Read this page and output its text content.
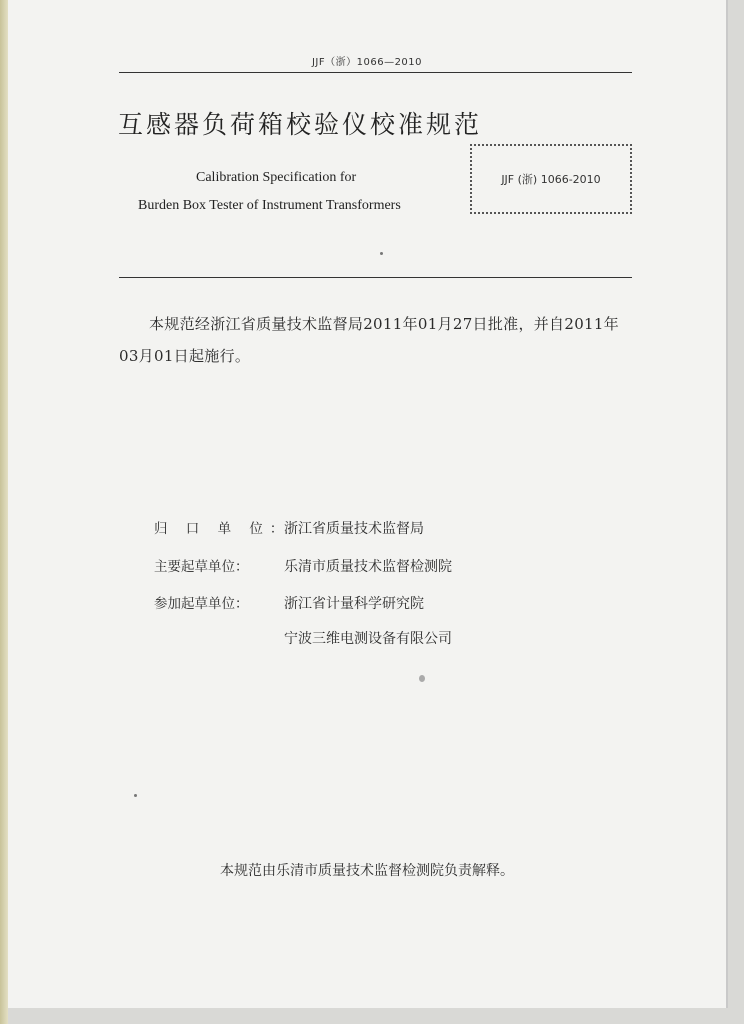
JJF（浙）1066—2010
互感器负荷箱校验仪校准规范
Calibration Specification for
Burden Box Tester of Instrument Transformers
JJF (浙) 1066-2010
本规范经浙江省质量技术监督局2011年01月27日批准，并自2011年03月01日起施行。
归 口 单 位：浙江省质量技术监督局
主要起草单位：	乐清市质量技术监督检测院
参加起草单位：	浙江省计量科学研究院
宁波三维电测设备有限公司
本规范由乐清市质量技术监督检测院负责解释。
